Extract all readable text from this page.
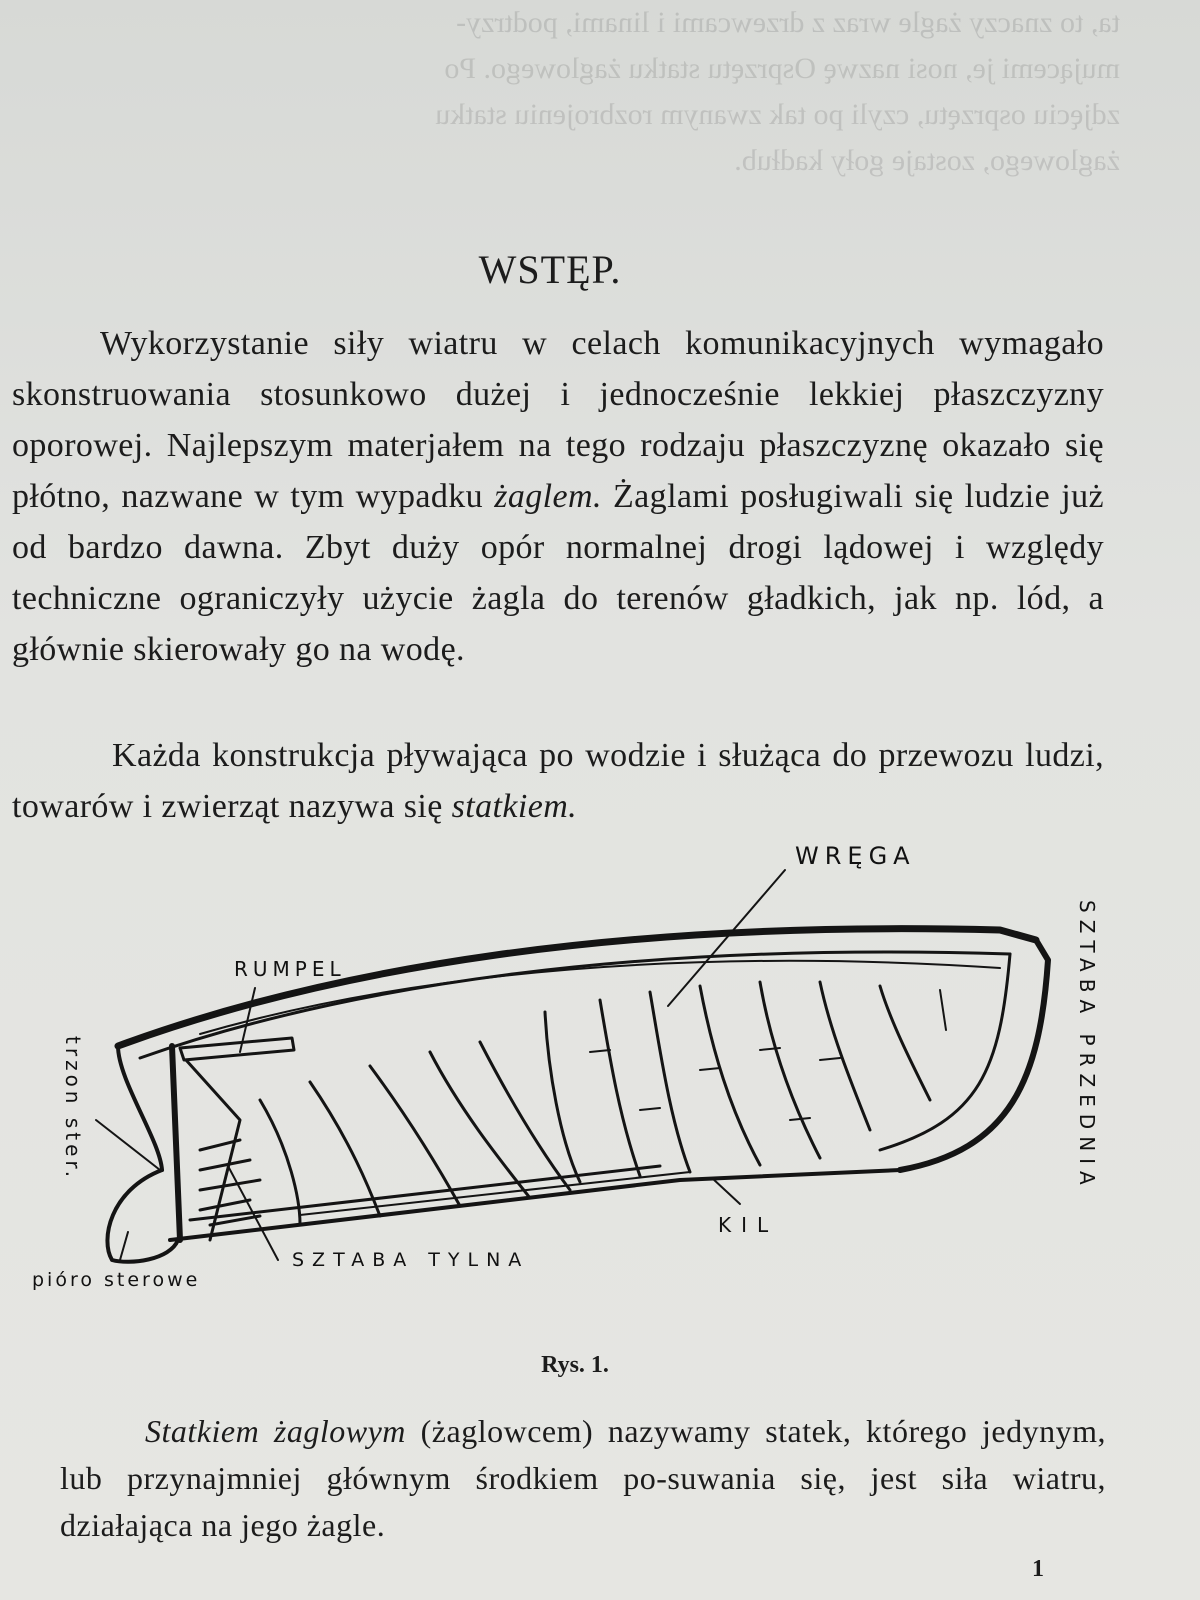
ta, to znaczy żagle wraz z drzewcami i linami, podtrzy-
mującemi je, nosi nazwę Osprzętu statku żaglowego. Po
zdjęciu osprzętu, czyli po tak zwanym rozbrojeniu statku
żaglowego, zostaje goły kadłub.
WSTĘP.
Wykorzystanie siły wiatru w celach komunikacyjnych wymagało skonstruowania stosunkowo dużej i jednocześnie lekkiej płaszczyzny oporowej. Najlepszym materjałem na tego rodzaju płaszczyznę okazało się płótno, nazwane w tym wypadku żaglem. Żaglami posługiwali się ludzie już od bardzo dawna. Zbyt duży opór normalnej drogi lądowej i względy techniczne ograniczyły użycie żagla do terenów gładkich, jak np. lód, a głównie skierowały go na wodę.
Każda konstrukcja pływająca po wodzie i służąca do przewozu ludzi, towarów i zwierząt nazywa się statkiem.
WRĘGA
RUMPEL
trzon ster.	SZTABA PRZEDNIA
KIL
SZTABA TYLNA
pióro sterowe
Rys. 1.
Statkiem żaglowym (żaglowcem) nazywamy statek, którego jedynym, lub przynajmniej głównym środkiem po-suwania się, jest siła wiatru, działająca na jego żagle.
1
